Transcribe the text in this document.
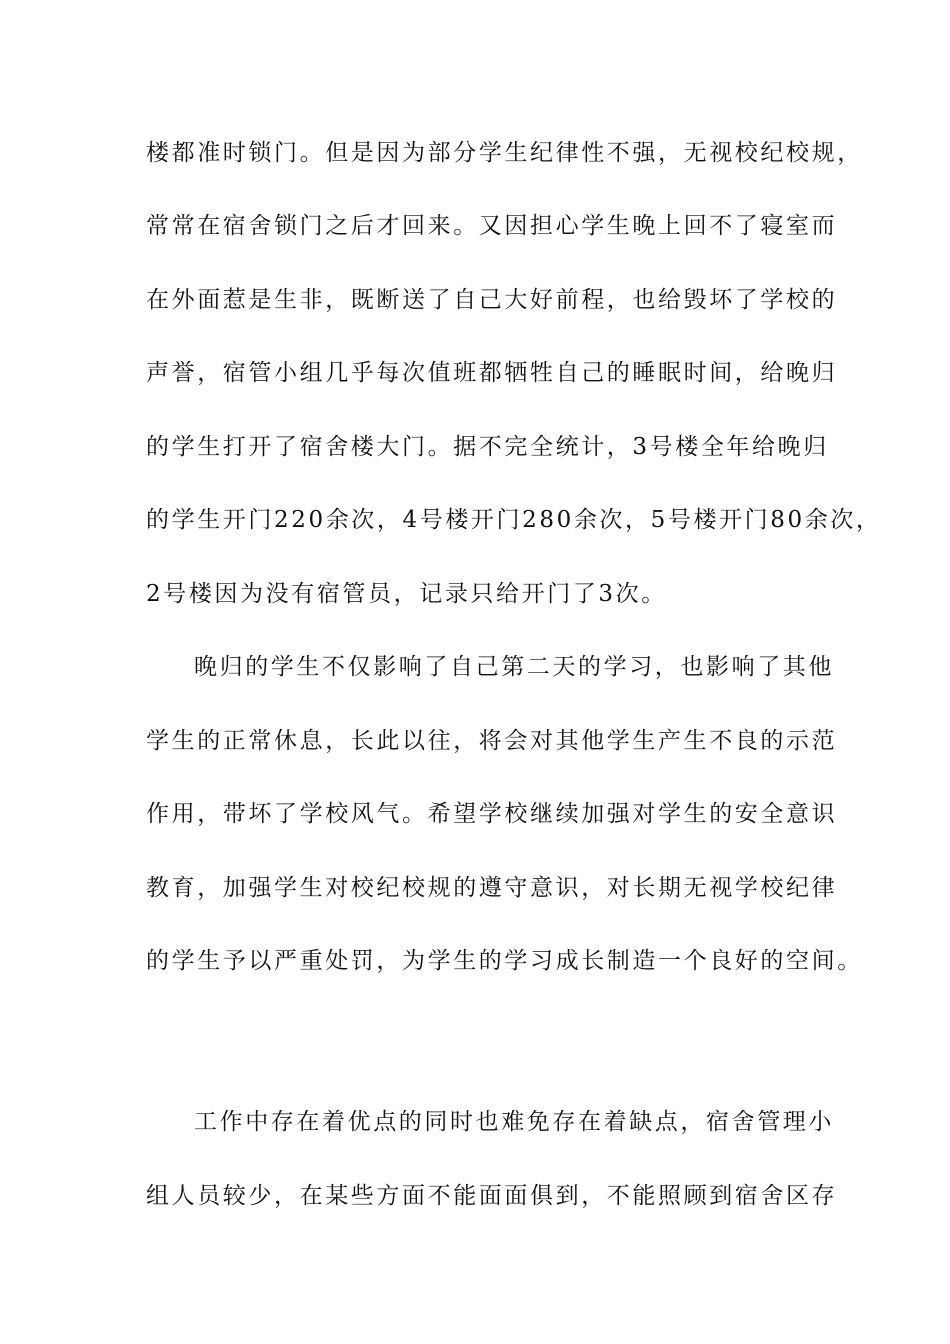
楼都准时锁门。但是因为部分学生纪律性不强，无视校纪校规，
常常在宿舍锁门之后才回来。又因担心学生晚上回不了寝室而
在外面惹是生非，既断送了自己大好前程，也给毁坏了学校的
声誉，宿管小组几乎每次值班都牺牲自己的睡眠时间，给晚归
的学生打开了宿舍楼大门。据不完全统计，3号楼全年给晚归
的学生开门220余次，4号楼开门280余次，5号楼开门80余次，
2号楼因为没有宿管员，记录只给开门了3次。
晚归的学生不仅影响了自己第二天的学习，也影响了其他
学生的正常休息，长此以往，将会对其他学生产生不良的示范
作用，带坏了学校风气。希望学校继续加强对学生的安全意识
教育，加强学生对校纪校规的遵守意识，对长期无视学校纪律
的学生予以严重处罚，为学生的学习成长制造一个良好的空间。
工作中存在着优点的同时也难免存在着缺点，宿舍管理小
组人员较少，在某些方面不能面面俱到，不能照顾到宿舍区存
